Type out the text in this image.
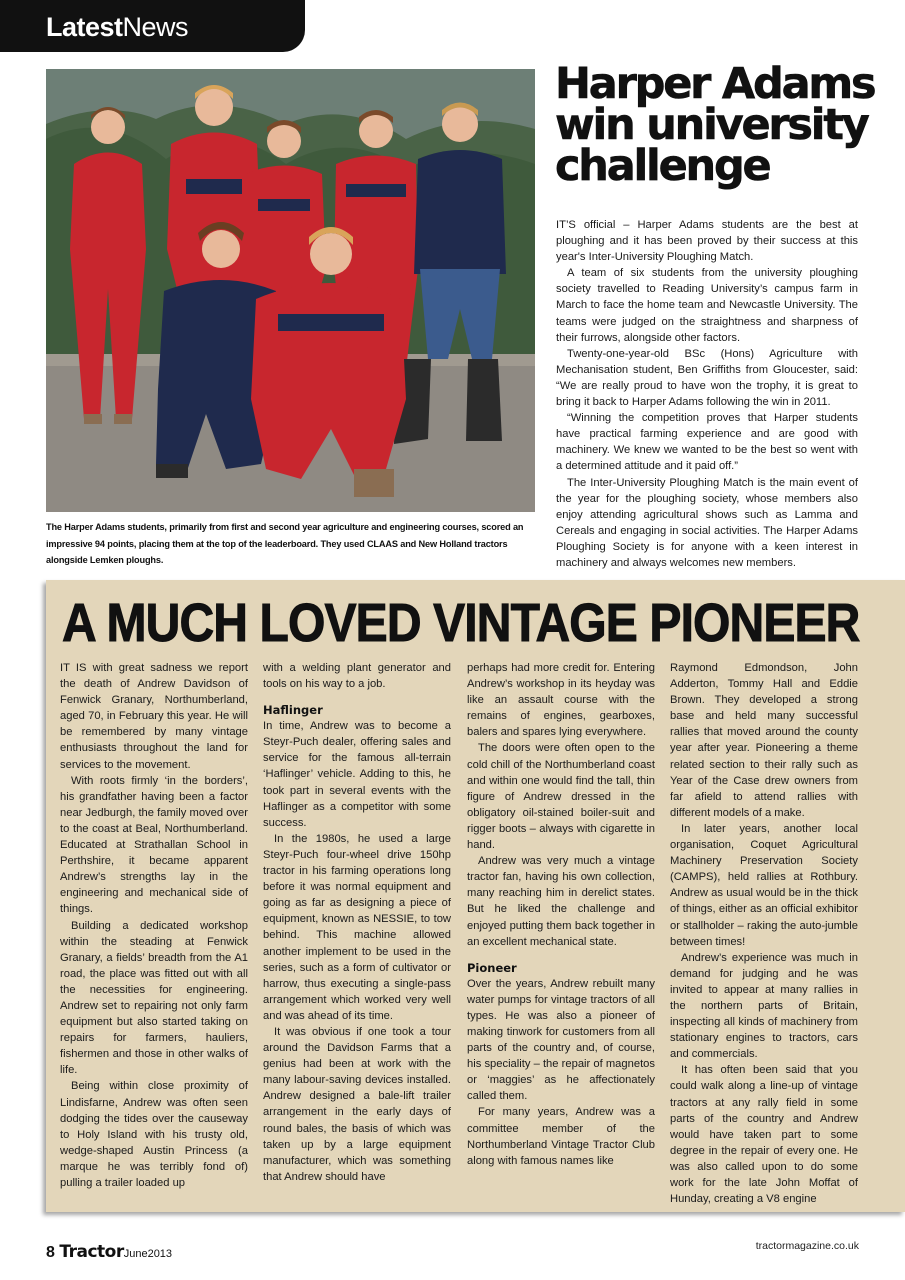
LatestNews
The Harper Adams students, primarily from first and second year agriculture and engineering courses, scored an impressive 94 points, placing them at the top of the leaderboard. They used CLAAS and New Holland tractors alongside Lemken ploughs.
Harper Adams win university challenge

IT’S official – Harper Adams students are the best at ploughing and it has been proved by their success at this year's Inter-University Ploughing Match.

A team of six students from the university ploughing society travelled to Reading University’s campus farm in March to face the home team and Newcastle University. The teams were judged on the straightness and sharpness of their furrows, alongside other factors.

Twenty-one-year-old BSc (Hons) Agriculture with Mechanisation student, Ben Griffiths from Gloucester, said: “We are really proud to have won the trophy, it is great to bring it back to Harper Adams following the win in 2011.

“Winning the competition proves that Harper students have practical farming experience and are good with machinery. We knew we wanted to be the best so went with a determined attitude and it paid off.”

The Inter-University Ploughing Match is the main event of the year for the ploughing society, whose members also enjoy attending agricultural shows such as Lamma and Cereals and engaging in social activities. The Harper Adams Ploughing Society is for anyone with a keen interest in machinery and always welcomes new members.

A MUCH LOVED VINTAGE PIONEER

IT IS with great sadness we report the death of Andrew Davidson of Fenwick Granary, Northumberland, aged 70, in February this year. He will be remembered by many vintage enthusiasts throughout the land for services to the movement.

With roots firmly ‘in the borders’, his grandfather having been a factor near Jedburgh, the family moved over to the coast at Beal, Northumberland. Educated at Strathallan School in Perthshire, it became apparent Andrew’s strengths lay in the engineering and mechanical side of things.

Building a dedicated workshop within the steading at Fenwick Granary, a fields’ breadth from the A1 road, the place was fitted out with all the necessities for engineering. Andrew set to repairing not only farm equipment but also started taking on repairs for farmers, hauliers, fishermen and those in other walks of life.

Being within close proximity of Lindisfarne, Andrew was often seen dodging the tides over the causeway to Holy Island with his trusty old, wedge-shaped Austin Princess (a marque he was terribly fond of) pulling a trailer loaded up

with a welding plant generator and tools on his way to a job.

Haflinger

In time, Andrew was to become a Steyr-Puch dealer, offering sales and service for the famous all-terrain ‘Haflinger’ vehicle. Adding to this, he took part in several events with the Haflinger as a competitor with some success.

In the 1980s, he used a large Steyr-Puch four-wheel drive 150hp tractor in his farming operations long before it was normal equipment and going as far as designing a piece of equipment, known as NESSIE, to tow behind. This machine allowed another implement to be used in the series, such as a form of cultivator or harrow, thus executing a single-pass arrangement which worked very well and was ahead of its time.

It was obvious if one took a tour around the Davidson Farms that a genius had been at work with the many labour-saving devices installed. Andrew designed a bale-lift trailer arrangement in the early days of round bales, the basis of which was taken up by a large equipment manufacturer, which was something that Andrew should have

perhaps had more credit for. Entering Andrew’s workshop in its heyday was like an assault course with the remains of engines, gearboxes, balers and spares lying everywhere.

The doors were often open to the cold chill of the Northumberland coast and within one would find the tall, thin figure of Andrew dressed in the obligatory oil-stained boiler-suit and rigger boots – always with cigarette in hand.

Andrew was very much a vintage tractor fan, having his own collection, many reaching him in derelict states. But he liked the challenge and enjoyed putting them back together in an excellent mechanical state.

Pioneer

Over the years, Andrew rebuilt many water pumps for vintage tractors of all types. He was also a pioneer of making tinwork for customers from all parts of the country and, of course, his speciality – the repair of magnetos or ‘maggies’ as he affectionately called them.

For many years, Andrew was a committee member of the Northumberland Vintage Tractor Club along with famous names like

Raymond Edmondson, John Adderton, Tommy Hall and Eddie Brown. They developed a strong base and held many successful rallies that moved around the county year after year. Pioneering a theme related section to their rally such as Year of the Case drew owners from far afield to attend rallies with different models of a make.

In later years, another local organisation, Coquet Agricultural Machinery Preservation Society (CAMPS), held rallies at Rothbury. Andrew as usual would be in the thick of things, either as an official exhibitor or stallholder – raking the auto-jumble between times!

Andrew’s experience was much in demand for judging and he was invited to appear at many rallies in the northern parts of Britain, inspecting all kinds of machinery from stationary engines to tractors, cars and commercials.

It has often been said that you could walk along a line-up of vintage tractors at any rally field in some parts of the country and Andrew would have taken part to some degree in the repair of every one. He was also called upon to do some work for the late John Moffat of Hunday, creating a V8 engine

8 TractorJune2013
tractormagazine.co.uk
